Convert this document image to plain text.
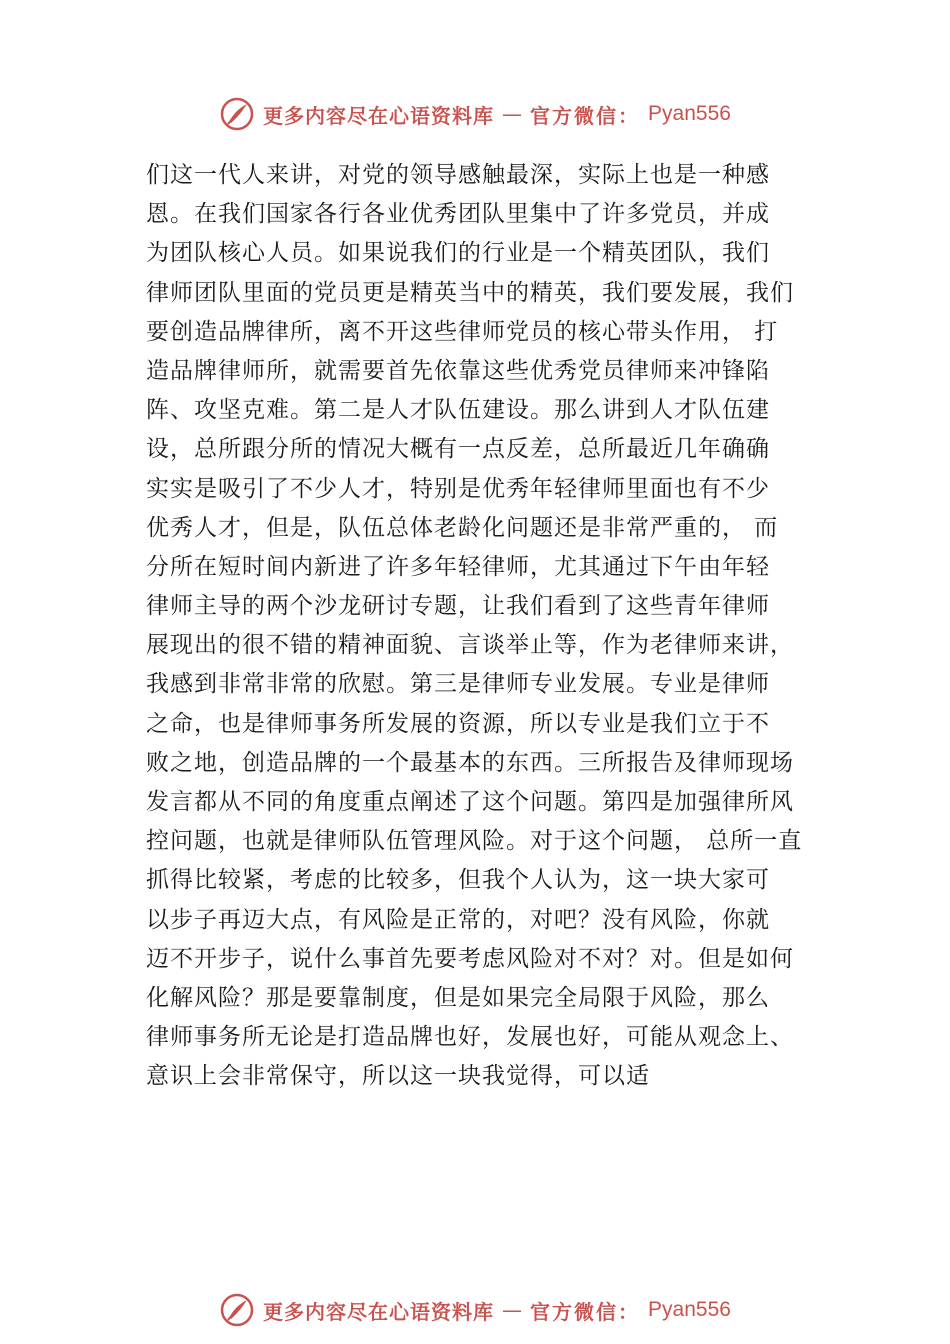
更多内容尽在心语资料库 — 官方微信： Pyan556
们这一代人来讲，对党的领导感触最深，实际上也是一种感
恩。在我们国家各行各业优秀团队里集中了许多党员，并成
为团队核心人员。如果说我们的行业是一个精英团队，我们
律师团队里面的党员更是精英当中的精英，我们要发展，我们
要创造品牌律所，离不开这些律师党员的核心带头作用， 打
造品牌律师所，就需要首先依靠这些优秀党员律师来冲锋陷
阵、攻坚克难。第二是人才队伍建设。那么讲到人才队伍建
设，总所跟分所的情况大概有一点反差，总所最近几年确确
实实是吸引了不少人才，特别是优秀年轻律师里面也有不少
优秀人才，但是，队伍总体老龄化问题还是非常严重的， 而
分所在短时间内新进了许多年轻律师，尤其通过下午由年轻
律师主导的两个沙龙研讨专题，让我们看到了这些青年律师
展现出的很不错的精神面貌、言谈举止等，作为老律师来讲，
我感到非常非常的欣慰。第三是律师专业发展。专业是律师
之命，也是律师事务所发展的资源，所以专业是我们立于不
败之地，创造品牌的一个最基本的东西。三所报告及律师现场
发言都从不同的角度重点阐述了这个问题。第四是加强律所风
控问题，也就是律师队伍管理风险。对于这个问题， 总所一直
抓得比较紧，考虑的比较多，但我个人认为，这一块大家可
以步子再迈大点，有风险是正常的，对吧？没有风险，你就
迈不开步子，说什么事首先要考虑风险对不对？对。但是如何
化解风险？那是要靠制度，但是如果完全局限于风险，那么
律师事务所无论是打造品牌也好，发展也好，可能从观念上、
意识上会非常保守，所以这一块我觉得，可以适
更多内容尽在心语资料库 — 官方微信： Pyan556
